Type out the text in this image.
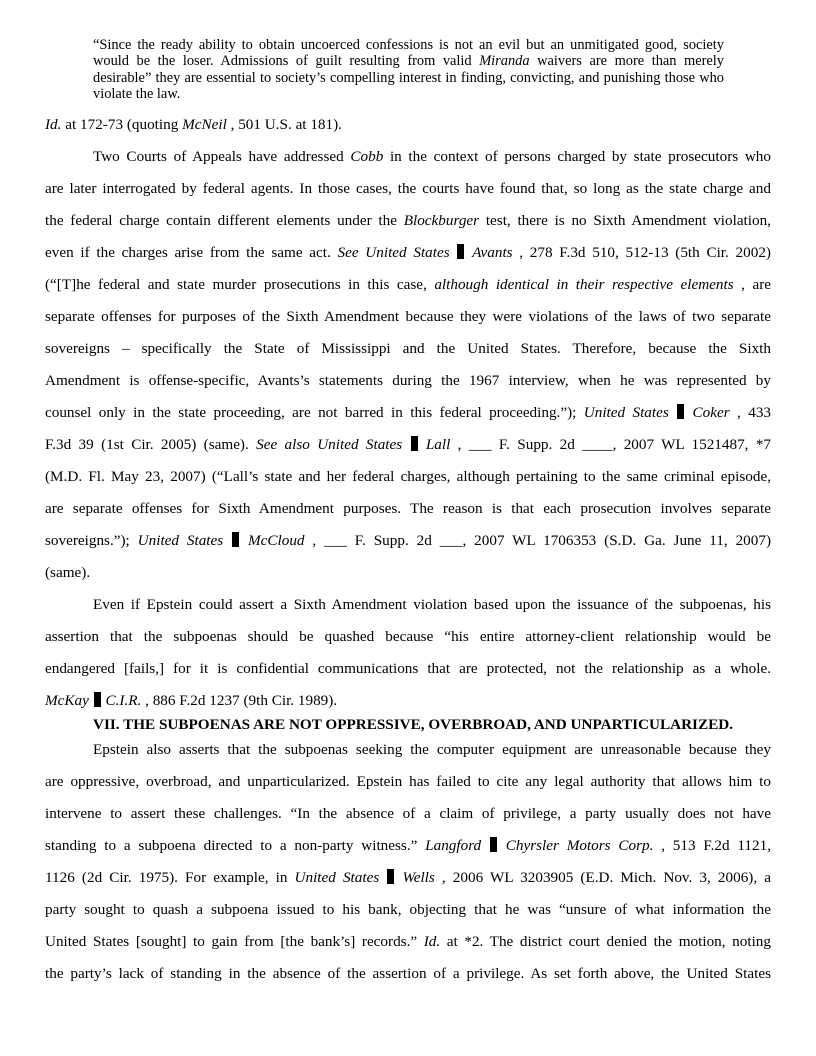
“Since the ready ability to obtain uncoerced confessions is not an evil but an unmitigated good, society would be the loser. Admissions of guilt resulting from valid Miranda waivers are more than merely desirable” they are essential to society’s compelling interest in finding, convicting, and punishing those who violate the law.
Id. at 172-73 (quoting McNeil , 501 U.S. at 181).
Two Courts of Appeals have addressed Cobb in the context of persons charged by state prosecutors who
are later interrogated by federal agents. In those cases, the courts have found that, so long as the state charge and
the federal charge contain different elements under the Blockburger test, there is no Sixth Amendment violation,
even if the charges arise from the same act. See United States Avants , 278 F.3d 510, 512-13 (5th Cir. 2002)
(“[T]he federal and state murder prosecutions in this case, although identical in their respective elements , are
separate offenses for purposes of the Sixth Amendment because they were violations of the laws of two separate
sovereigns – specifically the State of Mississippi and the United States. Therefore, because the Sixth
Amendment is offense-specific, Avants’s statements during the 1967 interview, when he was represented by
counsel only in the state proceeding, are not barred in this federal proceeding.”); United States Coker , 433
F.3d 39 (1st Cir. 2005) (same). See also United States Lall , ___ F. Supp. 2d ____, 2007 WL 1521487, *7
(M.D. Fl. May 23, 2007) (“Lall’s state and her federal charges, although pertaining to the same criminal episode,
are separate offenses for Sixth Amendment purposes. The reason is that each prosecution involves separate
sovereigns.”); United States McCloud , ___ F. Supp. 2d ___, 2007 WL 1706353 (S.D. Ga. June 11, 2007)
(same).
Even if Epstein could assert a Sixth Amendment violation based upon the issuance of the subpoenas, his
assertion that the subpoenas should be quashed because “his entire attorney-client relationship would be
endangered [fails,] for it is confidential communications that are protected, not the relationship as a whole.
McKay C.I.R. , 886 F.2d 1237 (9th Cir. 1989).
VII. THE SUBPOENAS ARE NOT OPPRESSIVE, OVERBROAD, AND UNPARTICULARIZED.
Epstein also asserts that the subpoenas seeking the computer equipment are unreasonable because they
are oppressive, overbroad, and unparticularized. Epstein has failed to cite any legal authority that allows him to
intervene to assert these challenges. “In the absence of a claim of privilege, a party usually does not have
standing to a subpoena directed to a non-party witness.” Langford Chyrsler Motors Corp. , 513 F.2d 1121,
1126 (2d Cir. 1975). For example, in United States Wells , 2006 WL 3203905 (E.D. Mich. Nov. 3, 2006), a
party sought to quash a subpoena issued to his bank, objecting that he was “unsure of what information the
United States [sought] to gain from [the bank’s] records.” Id. at *2. The district court denied the motion, noting
the party’s lack of standing in the absence of the assertion of a privilege. As set forth above, the United States
